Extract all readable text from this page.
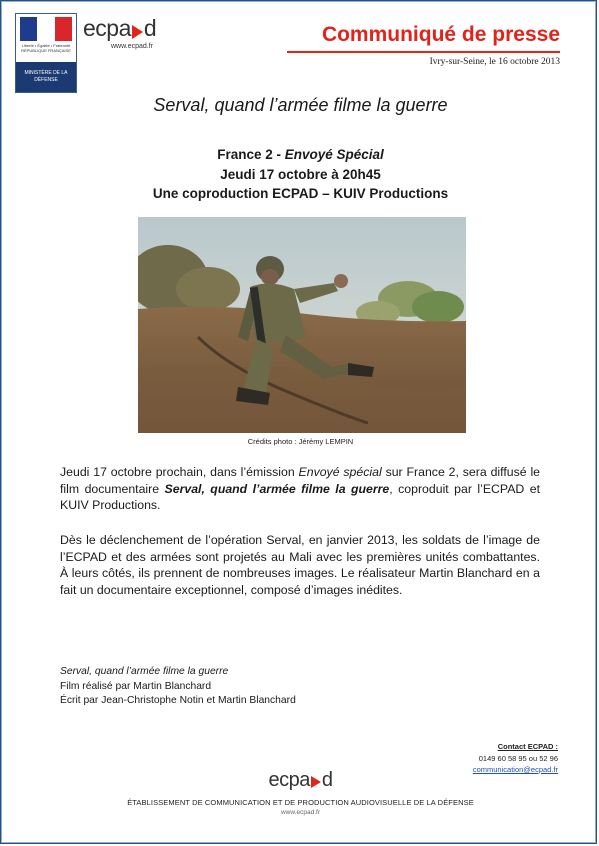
Liberté • Égalité • Fraternité RÉPUBLIQUE FRANÇAISE
MINISTÈRE DE LA DÉFENSE
ecpa d
www.ecpad.fr
Communiqué de presse
Ivry-sur-Seine, le 16 octobre 2013
Serval, quand l’armée filme la guerre
France 2 - Envoyé Spécial
Jeudi 17 octobre à 20h45
Une coproduction ECPAD – KUIV Productions
Crédits photo : Jérémy LEMPIN
Jeudi 17 octobre prochain, dans l’émission Envoyé spécial sur France 2, sera diffusé le film documentaire Serval, quand l’armée filme la guerre, coproduit par l’ECPAD et KUIV Productions.
Dès le déclenchement de l’opération Serval, en janvier 2013, les soldats de l’image de l’ECPAD et des armées sont projetés au Mali avec les premières unités combattantes. À leurs côtés, ils prennent de nombreuses images. Le réalisateur Martin Blanchard en a fait un documentaire exceptionnel, composé d’images inédites.
Serval, quand l’armée filme la guerre
Film réalisé par Martin Blanchard
Écrit par Jean-Christophe Notin et Martin Blanchard
Contact ECPAD :
0149 60 58 95 ou 52 96
communication@ecpad.fr
ecpa d
ÉTABLISSEMENT DE COMMUNICATION ET DE PRODUCTION AUDIOVISUELLE DE LA DÉFENSE
www.ecpad.fr
